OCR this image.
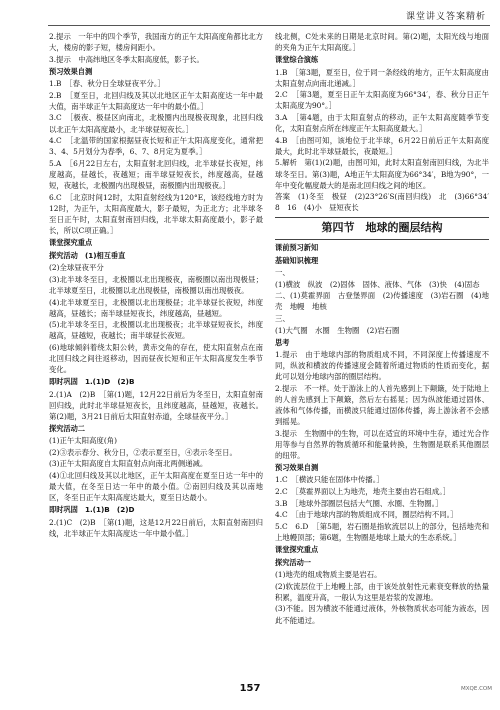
课堂讲义答案精析

2.提示　一年中的四个季节，我国南方的正午太阳高度角都比北方大，楼房的影子短，楼房间距小。

3.提示　中高纬地区冬季太阳高度低，影子长。

预习效果自测

1.B　［春、秋分日全球昼夜平分。］

2.B　［夏至日，北回归线及其以北地区正午太阳高度达一年中最大值，南半球正午太阳高度达一年中的最小值。］

3.C　［极夜、极昼区向南北，北极圈内出现极夜现象，北回归线以北正午太阳高度最小，北半球昼短夜长。］

4.C　［北温带的国家根据昼夜长短和正午太阳高度变化，通常把3、4、5月划分为春季，6、7、8月定为夏季。］

5.A　［6月22日左右，太阳直射北回归线，北半球昼长夜短，纬度越高，昼越长，夜越短；南半球昼短夜长，纬度越高，昼越短，夜越长，北极圈内出现极昼，南极圈内出现极夜。］

6.C　［北京时间12时，太阳直射经线为120°E，该经线地方时为12时，为正午，太阳高度最大，影子最短，为正北方；北半球冬至日正午时，太阳直射南回归线，北半球太阳高度最小，影子最长，所以C项正确。］

课堂探究重点

探究活动　(1)相互垂直

(2)全球昼夜平分

(3)北半球冬至日，北极圈以北出现极夜，南极圈以南出现极昼；北半球夏至日，北极圈以北出现极昼，南极圈以南出现极夜。

(4)北半球夏至日，北极圈以北出现极昼；北半球昼长夜短，纬度越高，昼越长；南半球昼短夜长，纬度越高，昼越短。

(5)北半球冬至日，北极圈以北出现极夜；北半球昼短夜长，纬度越高，昼越短，夜越长；南半球昼长夜短。

(6)地球倾斜着绕太阳公转，黄赤交角的存在，使太阳直射点在南北回归线之间往返移动，因而昼夜长短和正午太阳高度发生季节变化。

即时巩固　1.(1)D　(2)B

2.(1)A　(2)B　［第(1)题，12月22日前后为冬至日，太阳直射南回归线，此时北半球昼短夜长，且纬度越高，昼越短，夜越长。第(2)题，3月21日前后太阳直射赤道，全球昼夜平分。］

探究活动二

(1)正午太阳高度(角)

(2)③表示春分、秋分日，②表示夏至日，④表示冬至日。

(3)正午太阳高度自太阳直射点向南北两侧递减。

(4)①北回归线及其以北地区，正午太阳高度在夏至日达一年中的最大值，在冬至日达一年中的最小值。②南回归线及其以南地区，冬至日正午太阳高度达最大，夏至日达最小。

即时巩固　1.(1)B　(2)D

2.(1)C　(2)B　［第(1)题，这是12月22日前后，太阳直射南回归线，北半球正午太阳高度达一年中最小值。］

线北侧，C处未来的日期是北京时间。第(2)题，太阳光线与地面的夹角为正午太阳高度。］

课堂综合演练

1.B　［第3题，夏至日，位于同一条经线的地方，正午太阳高度由太阳直射点向南北递减。］

2.C　［第3题，夏至日正午太阳高度为66°34′，春、秋分日正午太阳高度为90°。］

3.A　［第4题，由于太阳直射点的移动，正午太阳高度随季节变化，太阳直射点所在纬度正午太阳高度最大。］

4.B　［由图可知，该地位于北半球，6月22日前后正午太阳高度最大，此时北半球昼最长，夜最短。］

5.解析　第(1)(2)题，由图可知，此时太阳直射南回归线，为北半球冬至日。第(3)题，A地正午太阳高度为66°34′，B地为90°，一年中变化幅度最大的是南北回归线之间的地区。

答案　(1)冬至　极昼　(2)23°26′S(南回归线)　北　(3)66°34′　8　16　(4)小　昼短夜长

第四节　地球的圈层结构

课前预习新知

基础知识梳理

一、

(1)横波　纵波　(2)固体　固体、液体、气体　(3)快　(4)固态

二、(1)莫霍界面　古登堡界面　(2)传播速度　(3)岩石圈　(4)地壳　地幔　地核

三、

(1)大气圈　水圈　生物圈　(2)岩石圈

思考

1.提示　由于地球内部的物质组成不同，不同深度上传播速度不同，纵波和横波的传播速度会随着所通过物质的性质而变化，据此可以划分地球内部的圈层结构。

2.提示　不一样。处于游泳上的人首先感到上下颠簸，处于陆地上的人首先感到上下颠簸，然后左右摇晃；因为纵波能通过固体、液体和气体传播，而横波只能通过固体传播，海上游泳者不会感到摇晃。

3.提示　生物圈中的生物，可以在适宜的环境中生存，通过光合作用等参与自然界的物质循环和能量转换，生物圈是联系其他圈层的纽带。

预习效果自测

1.C　［横波只能在固体中传播。］

2.C　［莫霍界面以上为地壳，地壳主要由岩石组成。］

3.B　［地球外部圈层包括大气圈、水圈、生物圈。］

4.C　［由于地球内部的物质组成不同，圈层结构不同。］

5.C　6.D　［第5题，岩石圈是指软流层以上的部分，包括地壳和上地幔顶部；第6题，生物圈是地球上最大的生态系统。］

课堂探究重点

探究活动一

(1)地壳的组成物质主要是岩石。

(2)软流层位于上地幔上部，由于该处放射性元素衰变释放的热量积累，温度升高，一般认为这里是岩浆的发源地。

(3)不能。因为横波不能通过液体，外核物质状态可能为液态，因此不能通过。

157	MXQE.COM
